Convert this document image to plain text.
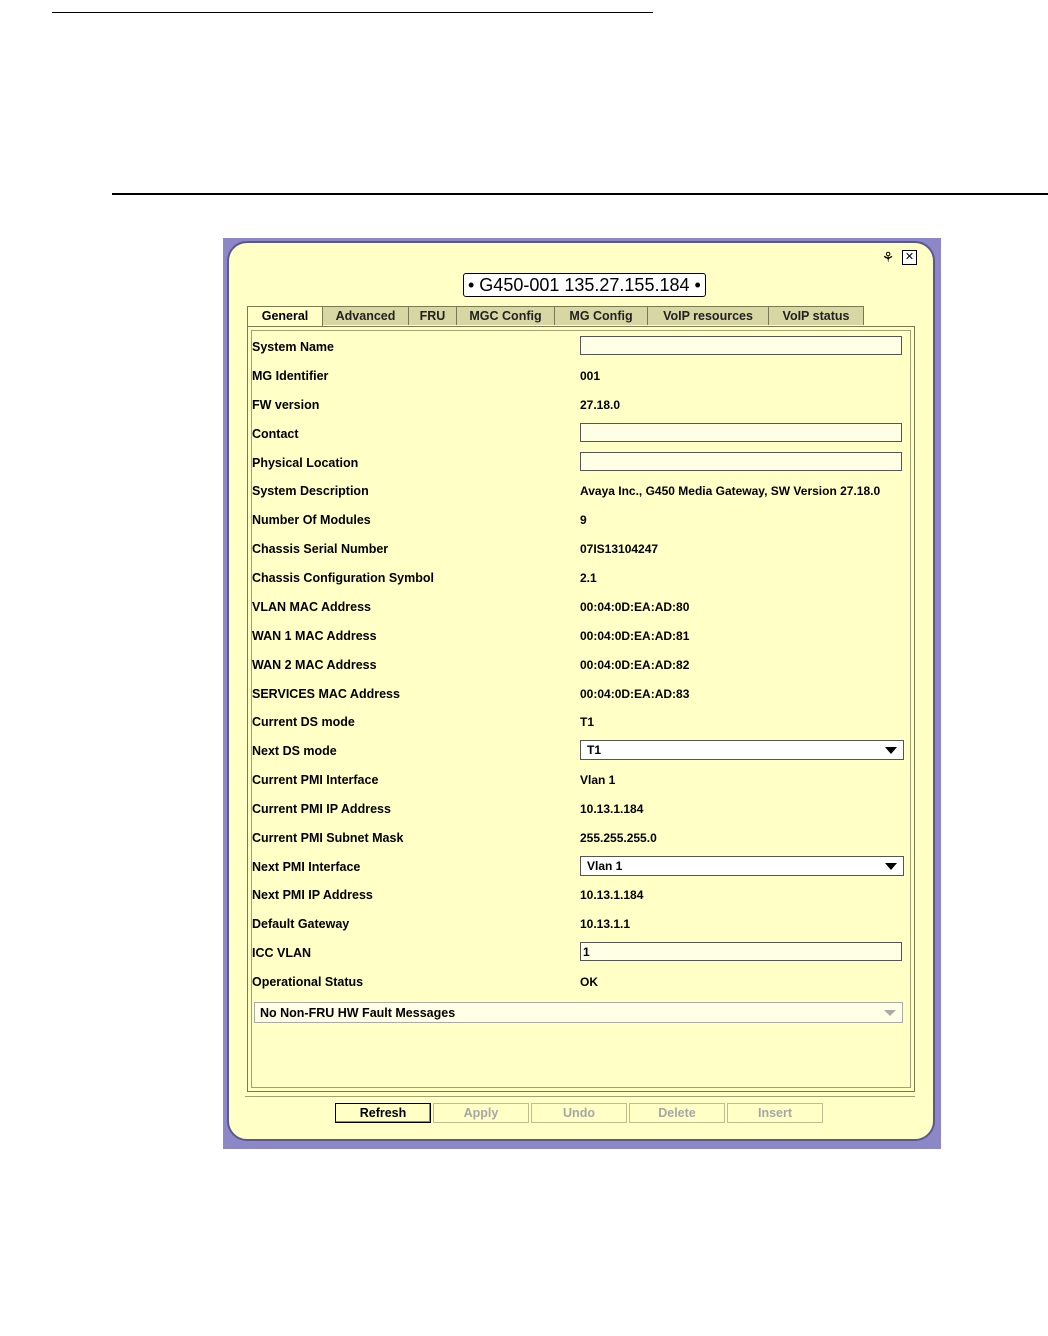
⚘ ✕
• G450-001 135.27.155.184 •
General	Advanced	FRU	MGC Config	MG Config	VoIP resources	VoIP status
System Name
MG Identifier	001
FW version	27.18.0
Contact
Physical Location
System Description	Avaya Inc., G450 Media Gateway, SW Version 27.18.0
Number Of Modules	9
Chassis Serial Number	07IS13104247
Chassis Configuration Symbol	2.1
VLAN MAC Address	00:04:0D:EA:AD:80
WAN 1 MAC Address	00:04:0D:EA:AD:81
WAN 2 MAC Address	00:04:0D:EA:AD:82
SERVICES MAC Address	00:04:0D:EA:AD:83
Current DS mode	T1
Next DS mode	T1
Current PMI Interface	Vlan 1
Current PMI IP Address	10.13.1.184
Current PMI Subnet Mask	255.255.255.0
Next PMI Interface	Vlan 1
Next PMI IP Address	10.13.1.184
Default Gateway	10.13.1.1
ICC VLAN	1
Operational Status	OK
No Non-FRU HW Fault Messages
Refresh	Apply	Undo	Delete	Insert
